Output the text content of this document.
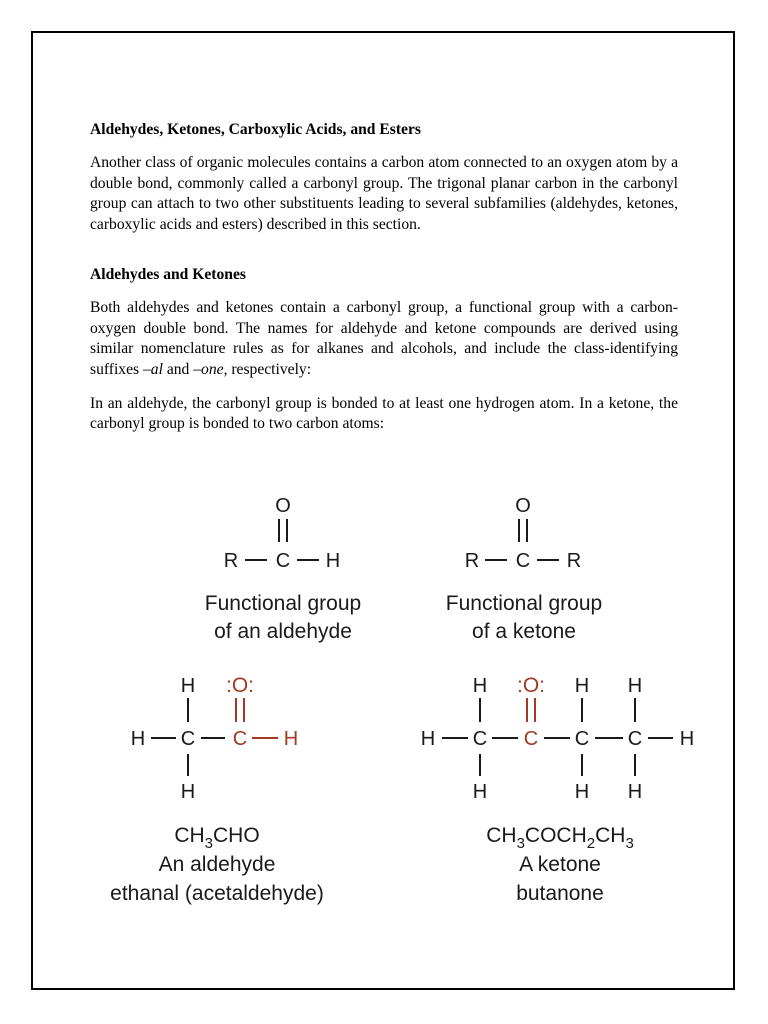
Aldehydes, Ketones, Carboxylic Acids, and Esters

Another class of organic molecules contains a carbon atom connected to an oxygen atom by a double bond, commonly called a carbonyl group. The trigonal planar carbon in the carbonyl group can attach to two other substituents leading to several subfamilies (aldehydes, ketones, carboxylic acids and esters) described in this section.

Aldehydes and Ketones

Both aldehydes and ketones contain a carbonyl group, a functional group with a carbon-oxygen double bond. The names for aldehyde and ketone compounds are derived using similar nomenclature rules as for alkanes and alcohols, and include the class-identifying suffixes –al and –one, respectively:

In an aldehyde, the carbonyl group is bonded to at least one hydrogen atom. In a ketone, the carbonyl group is bonded to two carbon atoms:

O
R C H
Functional group
of an aldehyde
O
R C R
Functional group
of a ketone
H :O:
H C C H
H
$CH_3CHO$
An aldehyde
ethanal (acetaldehyde)
H :O: H H
H C C C C H
H	H H
$CH_3COCH_2CH_3$
A ketone
butanone
